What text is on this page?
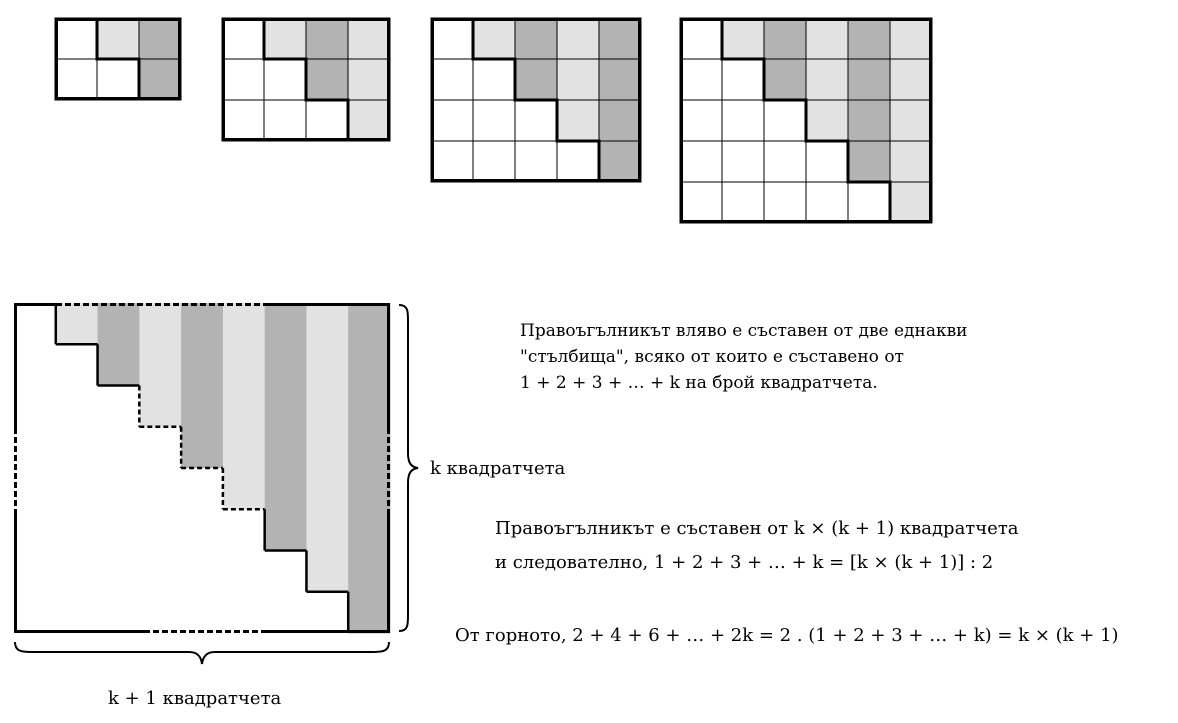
Правоъгълникът вляво е съставен от две еднакви
"стълбища", всяко от които е съставено от
1 + 2 + 3 + … + k на брой квадратчета.
k квадратчета
Правоъгълникът е съставен от k × (k + 1) квадратчета
и следователно, 1 + 2 + 3 + … + k = [k × (k + 1)] : 2
От горното, 2 + 4 + 6 + … + 2k = 2 . (1 + 2 + 3 + … + k) = k × (k + 1)
k + 1 квадратчета
